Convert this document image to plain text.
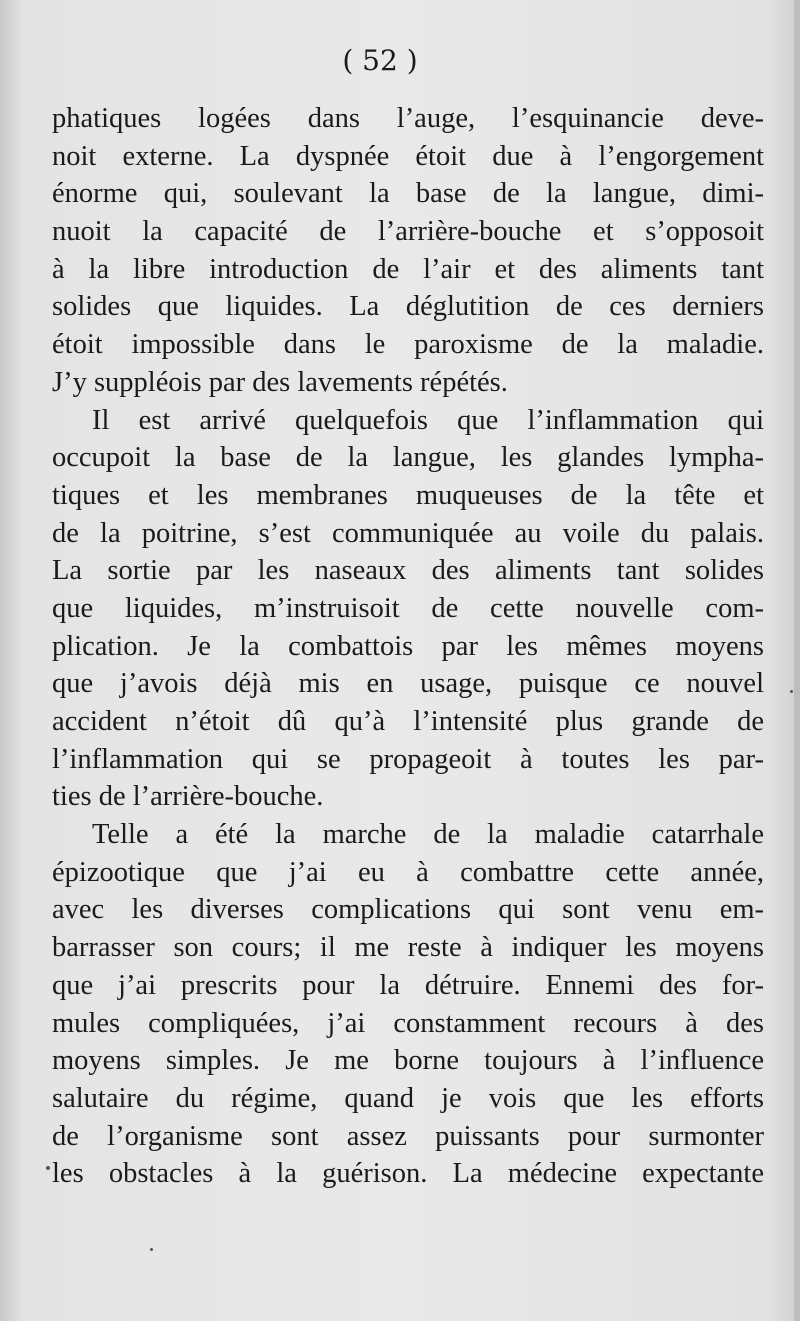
( 52 )
phatiques logées dans l’auge, l’esquinancie deve-
noit externe. La dyspnée étoit due à l’engorgement
énorme qui, soulevant la base de la langue, dimi-
nuoit la capacité de l’arrière-bouche et s’opposoit
à la libre introduction de l’air et des aliments tant
solides que liquides. La déglutition de ces derniers
étoit impossible dans le paroxisme de la maladie.
J’y suppléois par des lavements répétés.
Il est arrivé quelquefois que l’inflammation qui
occupoit la base de la langue, les glandes lympha-
tiques et les membranes muqueuses de la tête et
de la poitrine, s’est communiquée au voile du palais.
La sortie par les naseaux des aliments tant solides
que liquides, m’instruisoit de cette nouvelle com-
plication. Je la combattois par les mêmes moyens
que j’avois déjà mis en usage, puisque ce nouvel
accident n’étoit dû qu’à l’intensité plus grande de
l’inflammation qui se propageoit à toutes les par-
ties de l’arrière-bouche.
Telle a été la marche de la maladie catarrhale
épizootique que j’ai eu à combattre cette année,
avec les diverses complications qui sont venu em-
barrasser son cours; il me reste à indiquer les moyens
que j’ai prescrits pour la détruire. Ennemi des for-
mules compliquées, j’ai constamment recours à des
moyens simples. Je me borne toujours à l’influence
salutaire du régime, quand je vois que les efforts
de l’organisme sont assez puissants pour surmonter
les obstacles à la guérison. La médecine expectante
